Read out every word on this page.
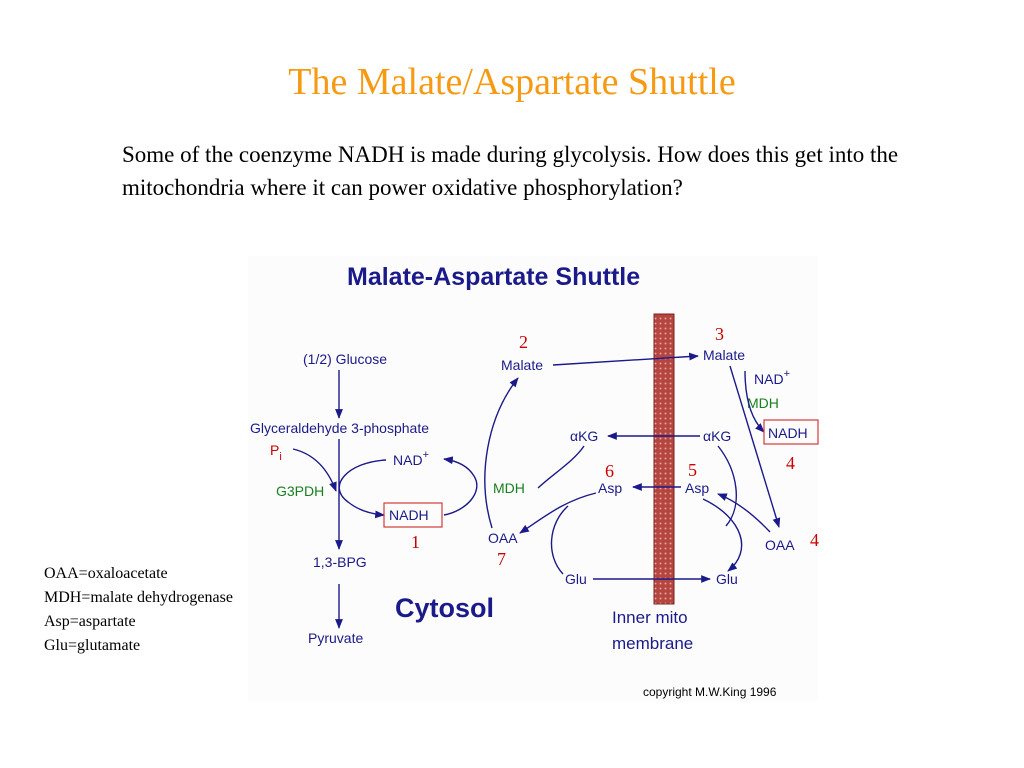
The Malate/Aspartate Shuttle
Some of the coenzyme NADH is made during glycolysis. How does this get into the mitochondria where it can power oxidative phosphorylation?
OAA=oxaloacetate
MDH=malate dehydrogenase
Asp=aspartate
Glu=glutamate
Malate-Aspartate Shuttle
(1/2) Glucose
Glyceraldehyde 3-phosphate
$P_i$
G3PDH
1,3-BPG
Pyruvate
NAD+
NADH
MDH
OAA
Malate
Malate
NAD+
MDH
NADH
OAA
αKG
αKG
Asp
Asp
Glu	Glu
Cytosol	Inner mito
membrane
copyright M.W.King 1996
1
2	3
4
4
5
6
7
